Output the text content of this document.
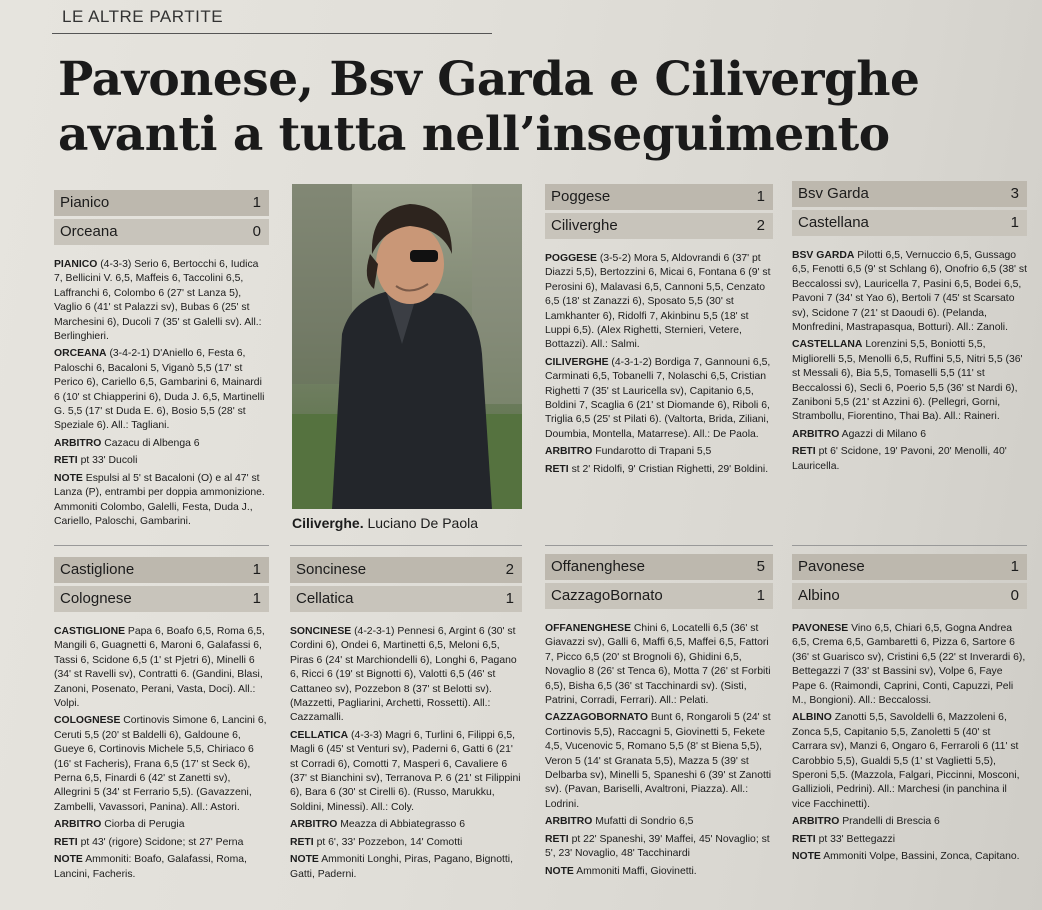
LE ALTRE PARTITE
Pavonese, Bsv Garda e Ciliverghe
avanti a tutta nell’inseguimento
Pianico	1
Orceana	0

PIANICO (4-3-3) Serio 6, Bertocchi 6, Iudica 7, Bellicini V. 6,5, Maffeis 6, Taccolini 6,5, Laffranchi 6, Colombo 6 (27' st Lanza 5), Vaglio 6 (41' st Palazzi sv), Bubas 6 (25' st Marchesini 6), Ducoli 7 (35' st Galelli sv). All.: Berlinghieri.

ORCEANA (3-4-2-1) D'Aniello 6, Festa 6, Paloschi 6, Bacaloni 5, Viganò 5,5 (17' st Perico 6), Cariello 6,5, Gambarini 6, Mainardi 6 (10' st Chiapperini 6), Duda J. 6,5, Martinelli G. 5,5 (17' st Duda E. 6), Bosio 5,5 (28' st Speziale 6). All.: Tagliani.

ARBITRO Cazacu di Albenga 6

RETI pt 33' Ducoli

NOTE Espulsi al 5' st Bacaloni (O) e al 47' st Lanza (P), entrambi per doppia ammonizione. Ammoniti Colombo, Galelli, Festa, Duda J., Cariello, Paloschi, Gambarini.	Ciliverghe. Luciano De Paola
Poggese	1
Ciliverghe	2

POGGESE (3-5-2) Mora 5, Aldovrandi 6 (37' pt Diazzi 5,5), Bertozzini 6, Micai 6, Fontana 6 (9' st Perosini 6), Malavasi 6,5, Cannoni 5,5, Cenzato 6,5 (18' st Zanazzi 6), Sposato 5,5 (30' st Lamkhanter 6), Ridolfi 7, Akinbinu 5,5 (18' st Luppi 6,5). (Alex Righetti, Sternieri, Vetere, Bottazzi). All.: Salmi.

CILIVERGHE (4-3-1-2) Bordiga 7, Gannouni 6,5, Carminati 6,5, Tobanelli 7, Nolaschi 6,5, Cristian Righetti 7 (35' st Lauricella sv), Capitanio 6,5, Boldini 7, Scaglia 6 (21' st Diomande 6), Riboli 6, Triglia 6,5 (25' st Pilati 6). (Valtorta, Brida, Ziliani, Doumbia, Montella, Matarrese). All.: De Paola.

ARBITRO Fundarotto di Trapani 5,5

RETI st 2' Ridolfi, 9' Cristian Righetti, 29' Boldini.

Bsv Garda	3
Castellana	1

BSV GARDA Pilotti 6,5, Vernuccio 6,5, Gussago 6,5, Fenotti 6,5 (9' st Schlang 6), Onofrio 6,5 (38' st Beccalossi sv), Lauricella 7, Pasini 6,5, Bodei 6,5, Pavoni 7 (34' st Yao 6), Bertoli 7 (45' st Scarsato sv), Scidone 7 (21' st Daoudi 6). (Pelanda, Monfredini, Mastrapasqua, Botturi). All.: Zanoli.

CASTELLANA Lorenzini 5,5, Boniotti 5,5, Migliorelli 5,5, Menolli 6,5, Ruffini 5,5, Nitri 5,5 (36' st Messali 6), Bia 5,5, Tomaselli 5,5 (11' st Beccalossi 6), Secli 6, Poerio 5,5 (36' st Nardi 6), Zaniboni 5,5 (21' st Azzini 6). (Pellegri, Gorni, Strambollu, Fiorentino, Thai Ba). All.: Raineri.

ARBITRO Agazzi di Milano 6

RETI pt 6' Scidone, 19' Pavoni, 20' Menolli, 40' Lauricella.

Castiglione	1
Colognese	1

CASTIGLIONE Papa 6, Boafo 6,5, Roma 6,5, Mangili 6, Guagnetti 6, Maroni 6, Galafassi 6, Tassi 6, Scidone 6,5 (1' st Pjetri 6), Minelli 6 (34' st Ravelli sv), Contratti 6. (Gandini, Blasi, Zanoni, Posenato, Perani, Vasta, Doci). All.: Volpi.

COLOGNESE Cortinovis Simone 6, Lancini 6, Ceruti 5,5 (20' st Baldelli 6), Galdoune 6, Gueye 6, Cortinovis Michele 5,5, Chiriaco 6 (16' st Facheris), Frana 6,5 (17' st Seck 6), Perna 6,5, Finardi 6 (42' st Zanetti sv), Allegrini 5 (34' st Ferrario 5,5). (Gavazzeni, Zambelli, Vavassori, Panina). All.: Astori.

ARBITRO Ciorba di Perugia

RETI pt 43' (rigore) Scidone; st 27' Perna

NOTE Ammoniti: Boafo, Galafassi, Roma, Lancini, Facheris.

Soncinese	2
Cellatica	1

SONCINESE (4-2-3-1) Pennesi 6, Argint 6 (30' st Cordini 6), Ondei 6, Martinetti 6,5, Meloni 6,5, Piras 6 (24' st Marchiondelli 6), Longhi 6, Pagano 6, Ricci 6 (19' st Bignotti 6), Valotti 6,5 (46' st Cattaneo sv), Pozzebon 8 (37' st Belotti sv). (Mazzetti, Pagliarini, Archetti, Rossetti). All.: Cazzamalli.

CELLATICA (4-3-3) Magri 6, Turlini 6, Filippi 6,5, Magli 6 (45' st Venturi sv), Paderni 6, Gatti 6 (21' st Corradi 6), Comotti 7, Masperi 6, Cavaliere 6 (37' st Bianchini sv), Terranova P. 6 (21' st Filippini 6), Bara 6 (30' st Cirelli 6). (Russo, Marukku, Soldini, Minessi). All.: Coly.

ARBITRO Meazza di Abbiategrasso 6

RETI pt 6', 33' Pozzebon, 14' Comotti

NOTE Ammoniti Longhi, Piras, Pagano, Bignotti, Gatti, Paderni.

Offanenghese	5
CazzagoBornato	1

OFFANENGHESE Chini 6, Locatelli 6,5 (36' st Giavazzi sv), Galli 6, Maffi 6,5, Maffei 6,5, Fattori 7, Picco 6,5 (20' st Brognoli 6), Ghidini 6,5, Novaglio 8 (26' st Tenca 6), Motta 7 (26' st Forbiti 6,5), Bisha 6,5 (36' st Tacchinardi sv). (Sisti, Patrini, Corradi, Ferrari). All.: Pelati.

CAZZAGOBORNATO Bunt 6, Rongaroli 5 (24' st Cortinovis 5,5), Raccagni 5, Giovinetti 5, Fekete 4,5, Vucenovic 5, Romano 5,5 (8' st Biena 5,5), Veron 5 (14' st Granata 5,5), Mazza 5 (39' st Delbarba sv), Minelli 5, Spaneshi 6 (39' st Zanotti sv). (Pavan, Bariselli, Avaltroni, Piazza). All.: Lodrini.

ARBITRO Mufatti di Sondrio 6,5

RETI pt 22' Spaneshi, 39' Maffei, 45' Novaglio; st 5', 23' Novaglio, 48' Tacchinardi

NOTE Ammoniti Maffi, Giovinetti.

Pavonese	1
Albino	0

PAVONESE Vino 6,5, Chiari 6,5, Gogna Andrea 6,5, Crema 6,5, Gambaretti 6, Pizza 6, Sartore 6 (36' st Guarisco sv), Cristini 6,5 (22' st Inverardi 6), Bettegazzi 7 (33' st Bassini sv), Volpe 6, Faye Pape 6. (Raimondi, Caprini, Conti, Capuzzi, Peli M., Bongioni). All.: Beccalossi.

ALBINO Zanotti 5,5, Savoldelli 6, Mazzoleni 6, Zonca 5,5, Capitanio 5,5, Zanoletti 5 (40' st Carrara sv), Manzi 6, Ongaro 6, Ferraroli 6 (11' st Carobbio 5,5), Gualdi 5,5 (1' st Vaglietti 5,5), Speroni 5,5. (Mazzola, Falgari, Piccinni, Mosconi, Gallizioli, Pedrini). All.: Marchesi (in panchina il vice Facchinetti).

ARBITRO Prandelli di Brescia 6

RETI pt 33' Bettegazzi

NOTE Ammoniti Volpe, Bassini, Zonca, Capitano.
